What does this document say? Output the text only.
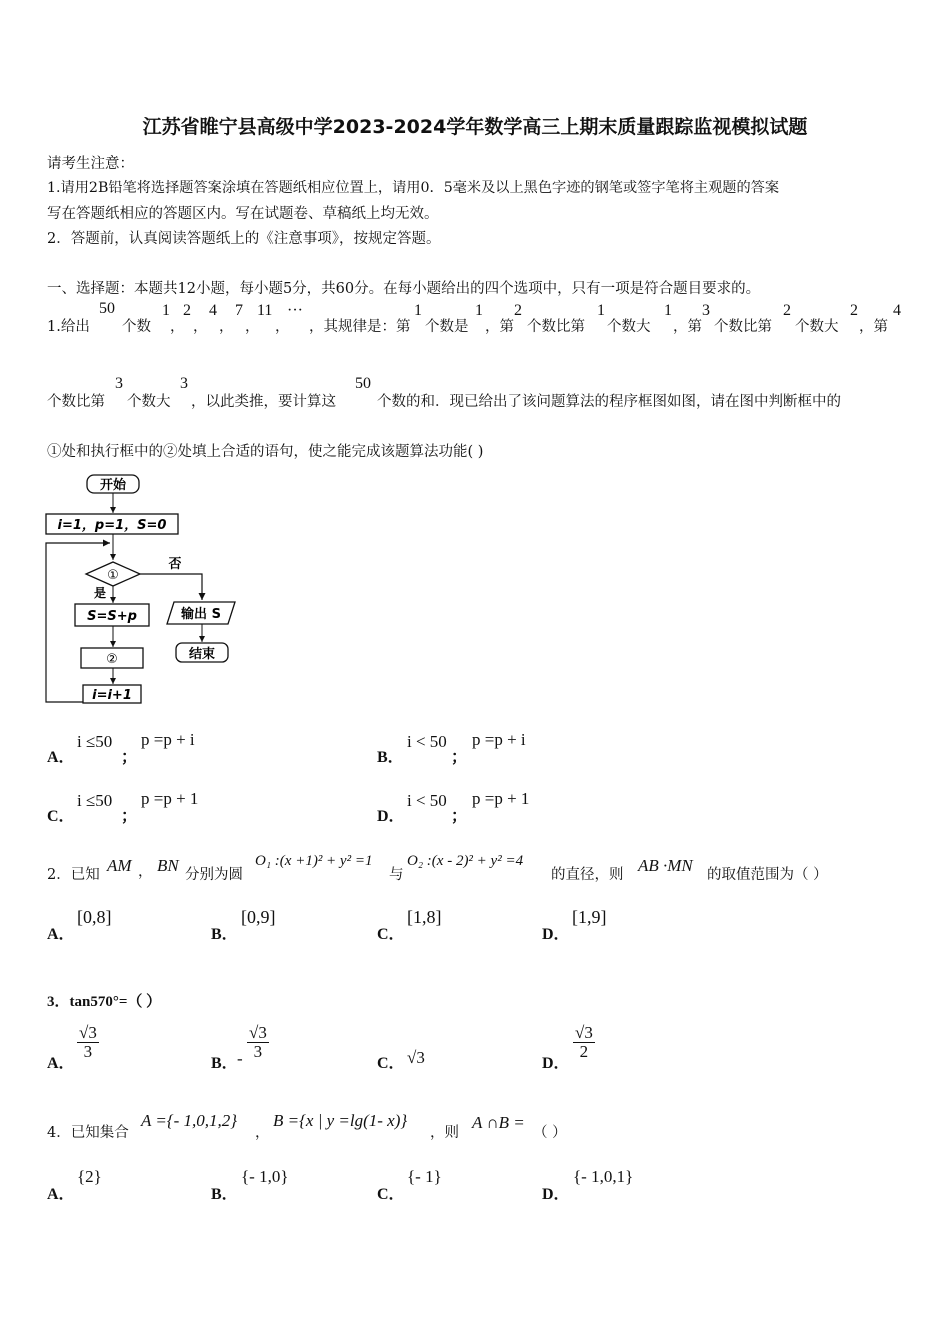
江苏省睢宁县高级中学2023-2024学年数学高三上期末质量跟踪监视模拟试题
请考生注意：
1.请用2B铅笔将选择题答案涂填在答题纸相应位置上，请用0．5毫米及以上黑色字迹的钢笔或签字笔将主观题的答案
写在答题纸相应的答题区内。写在试题卷、草稿纸上均无效。
2．答题前，认真阅读答题纸上的《注意事项》，按规定答题。
一、选择题：本题共12小题，每小题5分，共60分。在每小题给出的四个选项中，只有一项是符合题目要求的。
1.给出
50
个数
1
，
2
，
4
，
7
，
11
，
···
，其规律是：第
1
个数是
1
，第
2
个数比第
1
个数大
1
，第
3
个数比第
2
个数大
2
，第
4
个数比第
3
个数大
3
，以此类推，要计算这
50
个数的和．现已给出了该问题算法的程序框图如图，请在图中判断框中的
①处和执行框中的②处填上合适的语句，使之能完成该题算法功能( )
开始
i=1，p=1，S=0
①
否
是
S=S+p
②
i=i+1
输出 S
结束
A．
i ≤50
；
p =p + i
B．
i < 50
；
p =p + i
C．
i ≤50
；
p =p + 1
D．
i < 50
；
p =p + 1
2．已知 AM ， BN 分别为圆
O₁ :(x +1)² + y² =1
与
O₂ :(x - 2)² + y² =4
的直径，则 AB ·MN 的取值范围为（ ）
A．
[0,8]
B．
[0,9]
C．
[1,8]
D．
[1,9]
3．tan570°=（ ）
A．
$\frac{√3}{3}$
B． - $\frac{√3}{3}$
C． √3	D．
$\frac{√3}{2}$
4．已知集合
A ={- 1,0,1,2}
，
B ={x | y =lg(1- x)}
，则
A ∩B =
（ ）
A．
{2}
B．
{- 1,0}
C．
{- 1}
D．
{- 1,0,1}
